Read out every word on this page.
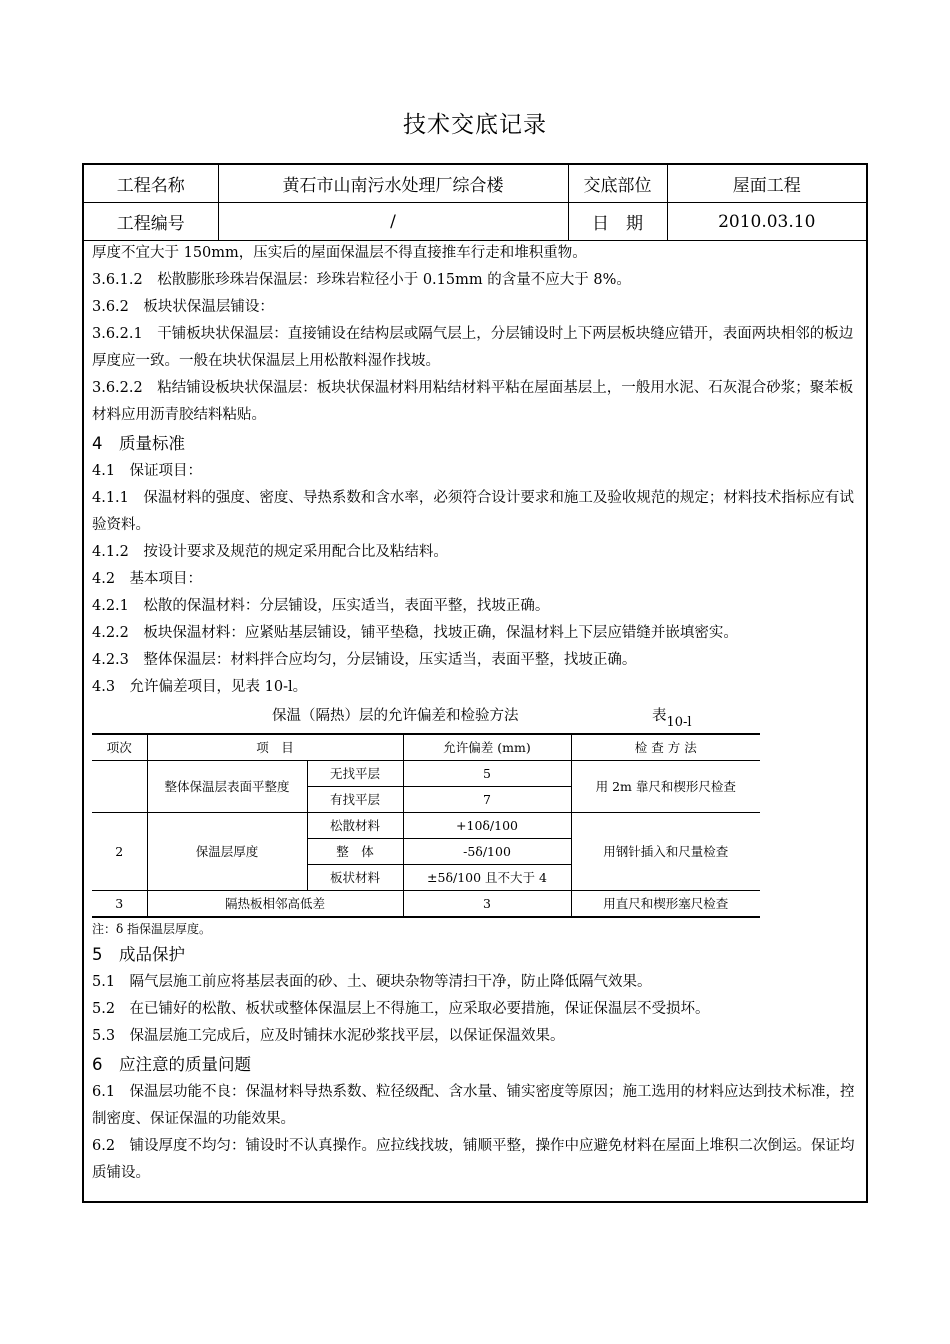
技术交底记录
工程名称	黄石市山南污水处理厂综合楼	交底部位	屋面工程
工程编号	/	日　期	2010.03.10

厚度不宜大于 150mm，压实后的屋面保温层不得直接推车行走和堆积重物。

3.6.1.2　松散膨胀珍珠岩保温层：珍珠岩粒径小于 0.15mm 的含量不应大于 8%。

3.6.2　板块状保温层铺设：

3.6.2.1　干铺板块状保温层：直接铺设在结构层或隔气层上，分层铺设时上下两层板块缝应错开，表面两块相邻的板边厚度应一致。一般在块状保温层上用松散料湿作找坡。

3.6.2.2　粘结铺设板块状保温层：板块状保温材料用粘结材料平粘在屋面基层上，一般用水泥、石灰混合砂浆；聚苯板材料应用沥青胶结料粘贴。

4　质量标准

4.1　保证项目：

4.1.1　保温材料的强度、密度、导热系数和含水率，必须符合设计要求和施工及验收规范的规定；材料技术指标应有试验资料。

4.1.2　按设计要求及规范的规定采用配合比及粘结料。

4.2　基本项目：

4.2.1　松散的保温材料：分层铺设，压实适当，表面平整，找坡正确。

4.2.2　板块保温材料：应紧贴基层铺设，铺平垫稳，找坡正确，保温材料上下层应错缝并嵌填密实。

4.2.3　整体保温层：材料拌合应均匀，分层铺设，压实适当，表面平整，找坡正确。

4.3　允许偏差项目，见表 10-l。

保温（隔热）层的允许偏差和检验方法	表10-l
项次	项　目		允许偏差 (mm)	检 查 方 法
	整体保温层表面平整度	无找平层	5	用 2m 靠尺和楔形尺检查
		有找平层	7	
2	保温层厚度	松散材料	+10δ/100	用钢针插入和尺量检查
		整　体	-5δ/100	
		板状材料	±5δ/100 且不大于 4	
3	隔热板相邻高低差		3	用直尺和楔形塞尺检查
注：δ 指保温层厚度。

5　成品保护

5.1　隔气层施工前应将基层表面的砂、土、硬块杂物等清扫干净，防止降低隔气效果。

5.2　在已铺好的松散、板状或整体保温层上不得施工，应采取必要措施，保证保温层不受损坏。

5.3　保温层施工完成后，应及时铺抹水泥砂浆找平层，以保证保温效果。

6　应注意的质量问题

6.1　保温层功能不良：保温材料导热系数、粒径级配、含水量、铺实密度等原因；施工选用的材料应达到技术标准，控制密度、保证保温的功能效果。

6.2　铺设厚度不均匀：铺设时不认真操作。应拉线找坡，铺顺平整，操作中应避免材料在屋面上堆积二次倒运。保证均质铺设。
